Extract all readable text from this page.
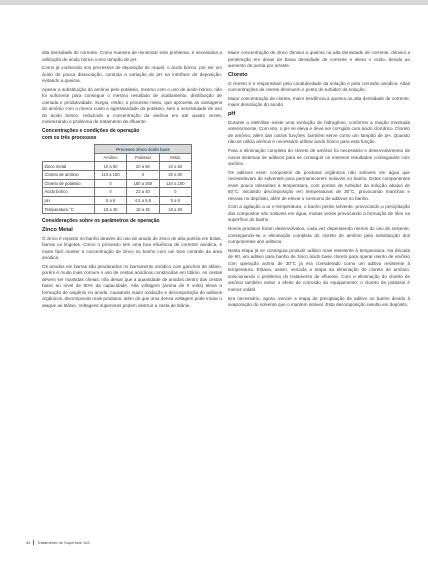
alta densidade de corrente. Como maneira de minimizar este problema, é necessária a utilização de ácido bórico como tampão de pH.

Como já conhecido nos processos de deposição de níquel, o ácido bórico, por ser um ácido de pouca dissociação, controla a variação do pH na interface de deposição, evitando a queima.

Apesar a substituição do amônio pelo potássio, mesmo com o uso de ácido bórico, não foi suficiente para conseguir o mesmo resultado de acabamento, distribuição de camada e produtividade. Surgiu, então, o processo misto, que aproveita as vantagens do amônio com o menor custo e agressividade do potássio, sem a necessidade de uso do ácido bórico, reduzindo a concentração da amônia em até quatro vezes, minimizando o problema de tratamento de efluente.

Concentrações e condições de operação
com os três processos
	Processo zinco ácido base		
	Amônio	Potássio	Misto
Zinco metal	10 a 50	20 a 50	10 a 50
Cloreto de amônio	110 a 180	0	30 a 60
Cloreto de potássio	0	180 a 260	120 a 180
Ácido bórico	0	22 a 40	0
pH	5 a 6	4,5 a 5,5	5 a 6
Temperatura °C	18 a 40	18 a 45	18 a 50
Considerações sobre os parâmetros de operação
Zinco Metal

O zinco é reposto no banho através do uso de anodo de zinco de alta pureza em bolas, barras ou lingotes. Como o processo tem uma boa eficiência de corrente anódica, é muito fácil manter a concentração de zinco no banho com um bom controle da área anódica.

Os anodos em barras são pendurados no barramento anódico com ganchos de titânio, porém é muito mais comum o uso de cestas anódicas construídas em titânio. As cestas devem ser mantidas cheias, não deixar que a quantidade de anodos dentro das cestas baixe ao nível de 50% da capacidade. Alta voltagem (acima de 9 volts) eleva a formação de oxigênio no anodo, causando maior oxidação e decomposição de aditivos orgânicos, decompondo mais produtos, além de que uma densa voltagem pode iniciar o ataque ao titânio. Voltagens superiores podem destruir a cesta de titânio.

Maior concentração de zinco diminui a queima na alta densidade de corrente, diminui a penetração em áreas de baixa densidade de corrente e eleva o custo, devido ao aumento de perda por arraste.

Cloreto

O cloreto é o responsável pela condutividade da solução e pela corrosão anódica. Altas concentrações de cloreto diminuem o ponto de turbidez da solução.

Maior concentração de cloreto, maior tendência à queima na alta densidade de corrente, maior dissolução do anodo.

pH

Durante a eletrólise existe uma evolução de hidrogênio, conforme a reação mostrada anteriormente. Com isto, o pH se eleva e deve ser corrigido com ácido clorídrico. Cloreto de amônio, além das outras funções, também serve como um tampão de pH. Quando não se utiliza amônio é necessário utilizar ácido bórico para esta função.

Para a eliminação completa do cloreto de amônio foi necessário o desenvolvimento de novos sistemas de aditivos para se conseguir os mesmos resultados conseguidos com amônio.

Os aditivos eram compostos de produtos orgânicos não solúveis em água que necessitavam de solventes para permanecerem solúveis no banho. Estes componentes eram pouco tolerantes à temperatura, com pontos de turbidez da solução abaixo de 50°C, iniciando decomposição em temperaturas de 30°C, provocando manchas e névoas no depósito, além de elevar o consumo de aditivos no banho.

Com a agitação a ar e temperatura, o banho perde solvente, provocando a precipitação dos compostos não solúveis em água, muitas vezes provocando a formação de óleo na superfície do banho.

Novos produtos foram desenvolvidos, cada vez dependendo menos do uso de solvente, conseguindo-se a eliminação completa do cloreto de amônio pela substituição dos componentes dos aditivos.

Nesta etapa já se conseguia produzir aditivo mais resistente à temperatura. Na década de 90, um aditivo para banho de zinco ácido base cloreto para operar isento de amônio com operação acima de 30°C já era considerado como um aditivo resistente à temperatura. Estava, assim, vencida a etapa da eliminação do cloreto de amônio, solucionando o problema do tratamento de efluente. Com a eliminação do cloreto de amônio também reduz o efeito de corrosão do equipamento; o cloreto de potássio é menos volátil.

Era necessário, agora, vencer a etapa de precipitação de aditivo no banho devido à evaporação do solvente que o mantém solúvel. Esta decomposição resulta em depósito

54 Tratamento de Superfície 162
